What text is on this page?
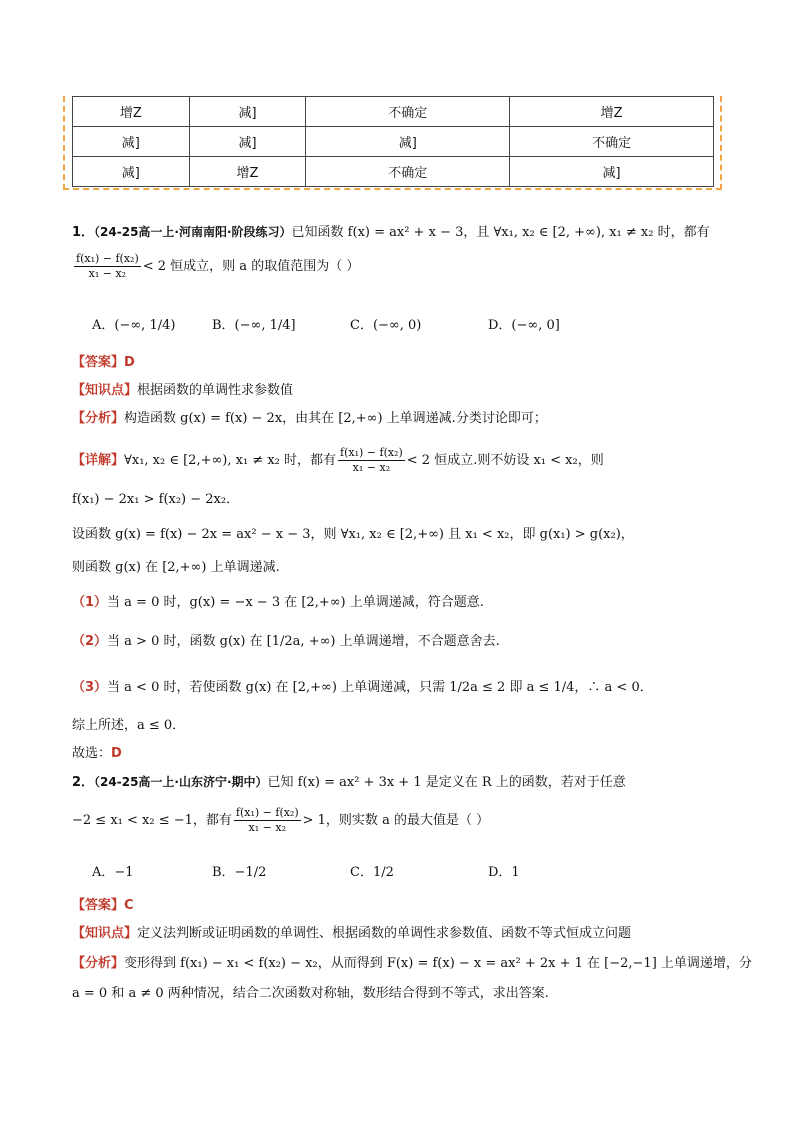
增Z	减]	不确定	增Z
减]	减]	减]	不确定
减]	增Z	不确定	减]
1．（24-25高一上·河南南阳·阶段练习）已知函数 f(x) = ax² + x − 3，且 ∀x₁, x₂ ∈ [2, +∞), x₁ ≠ x₂ 时，都有
$\frac{\text{f(x₁) − f(x₂)}}{\text{x₁ − x₂}} < 2$ 恒成立，则 a 的取值范围为（ ）
A．(−∞, 1/4)	B．(−∞, 1/4]	C．(−∞, 0)	D．(−∞, 0]
【答案】D
【知识点】根据函数的单调性求参数值
【分析】构造函数 g(x) = f(x) − 2x，由其在 [2,+∞) 上单调递减.分类讨论即可；
【详解】∀x₁, x₂ ∈ [2,+∞), x₁ ≠ x₂ 时，都有 $\frac{\text{f(x₁) − f(x₂)}}{\text{x₁ − x₂}} < 2$ 恒成立.则不妨设 x₁ < x₂，则
f(x₁) − 2x₁ > f(x₂) − 2x₂．
设函数 g(x) = f(x) − 2x = ax² − x − 3，则 ∀x₁, x₂ ∈ [2,+∞) 且 x₁ < x₂，即 g(x₁) > g(x₂)，
则函数 g(x) 在 [2,+∞) 上单调递减.
（1）当 a = 0 时，g(x) = −x − 3 在 [2,+∞) 上单调递减，符合题意.
（2）当 a > 0 时，函数 g(x) 在 [1/2a, +∞) 上单调递增，不合题意舍去.
（3）当 a < 0 时，若使函数 g(x) 在 [2,+∞) 上单调递减，只需 1/2a ≤ 2 即 a ≤ 1/4，∴ a < 0．
综上所述，a ≤ 0．
故选：D
2．（24-25高一上·山东济宁·期中）已知 f(x) = ax² + 3x + 1 是定义在 R 上的函数，若对于任意
−2 ≤ x₁ < x₂ ≤ −1，都有 $\frac{\text{f(x₁) − f(x₂)}}{\text{x₁ − x₂}} > 1$，则实数 a 的最大值是（ ）
A．−1	B．−1/2	C．1/2	D．1
【答案】C
【知识点】定义法判断或证明函数的单调性、根据函数的单调性求参数值、函数不等式恒成立问题
【分析】变形得到 f(x₁) − x₁ < f(x₂) − x₂，从而得到 F(x) = f(x) − x = ax² + 2x + 1 在 [−2,−1] 上单调递增，分
a = 0 和 a ≠ 0 两种情况，结合二次函数对称轴，数形结合得到不等式，求出答案.
